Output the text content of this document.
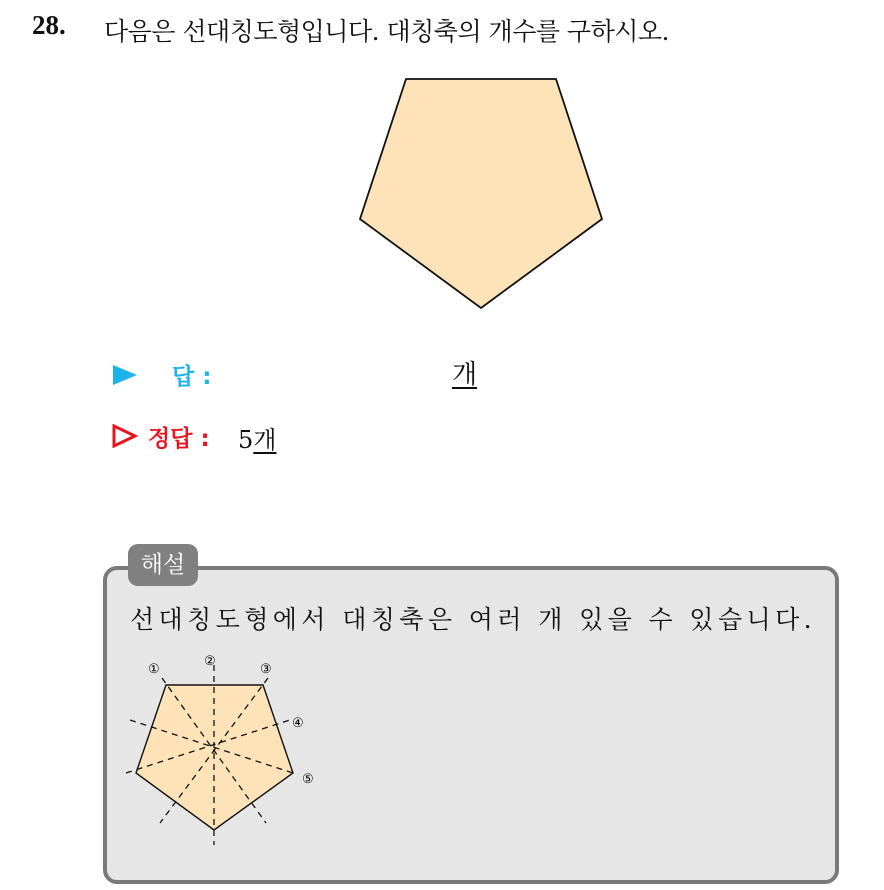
28. 다음은 선대칭도형입니다. 대칭축의 개수를 구하시오.
답 :	개
정답 : 5개
해설
선대칭도형에서 대칭축은 여러 개 있을 수 있습니다.
①
②
③
④
⑤
